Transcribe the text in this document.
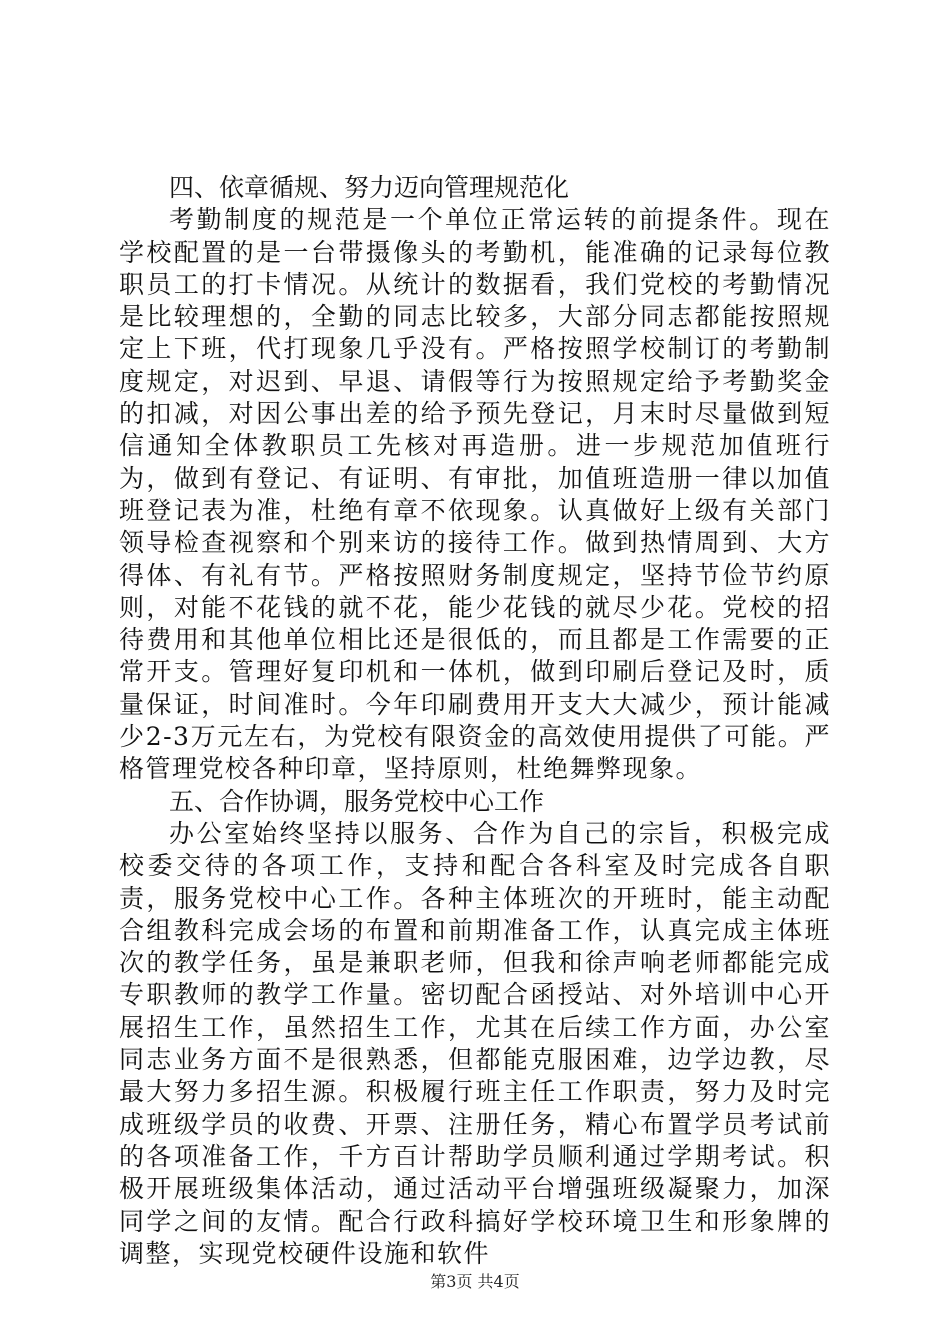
四、依章循规、努力迈向管理规范化

考勤制度的规范是一个单位正常运转的前提条件。现在学校配置的是一台带摄像头的考勤机，能准确的记录每位教职员工的打卡情况。从统计的数据看，我们党校的考勤情况是比较理想的，全勤的同志比较多，大部分同志都能按照规定上下班，代打现象几乎没有。严格按照学校制订的考勤制度规定，对迟到、早退、请假等行为按照规定给予考勤奖金的扣减，对因公事出差的给予预先登记，月末时尽量做到短信通知全体教职员工先核对再造册。进一步规范加值班行为，做到有登记、有证明、有审批，加值班造册一律以加值班登记表为准，杜绝有章不依现象。认真做好上级有关部门领导检查视察和个别来访的接待工作。做到热情周到、大方得体、有礼有节。严格按照财务制度规定，坚持节俭节约原则，对能不花钱的就不花，能少花钱的就尽少花。党校的招待费用和其他单位相比还是很低的，而且都是工作需要的正常开支。管理好复印机和一体机，做到印刷后登记及时，质量保证，时间准时。今年印刷费用开支大大减少，预计能减少2-3万元左右，为党校有限资金的高效使用提供了可能。严格管理党校各种印章，坚持原则，杜绝舞弊现象。

五、合作协调，服务党校中心工作

办公室始终坚持以服务、合作为自己的宗旨，积极完成校委交待的各项工作，支持和配合各科室及时完成各自职责，服务党校中心工作。各种主体班次的开班时，能主动配合组教科完成会场的布置和前期准备工作，认真完成主体班次的教学任务，虽是兼职老师，但我和徐声响老师都能完成专职教师的教学工作量。密切配合函授站、对外培训中心开展招生工作，虽然招生工作，尤其在后续工作方面，办公室同志业务方面不是很熟悉，但都能克服困难，边学边教，尽最大努力多招生源。积极履行班主任工作职责，努力及时完成班级学员的收费、开票、注册任务，精心布置学员考试前的各项准备工作，千方百计帮助学员顺利通过学期考试。积极开展班级集体活动，通过活动平台增强班级凝聚力，加深同学之间的友情。配合行政科搞好学校环境卫生和形象牌的调整，实现党校硬件设施和软件

第3页 共4页
